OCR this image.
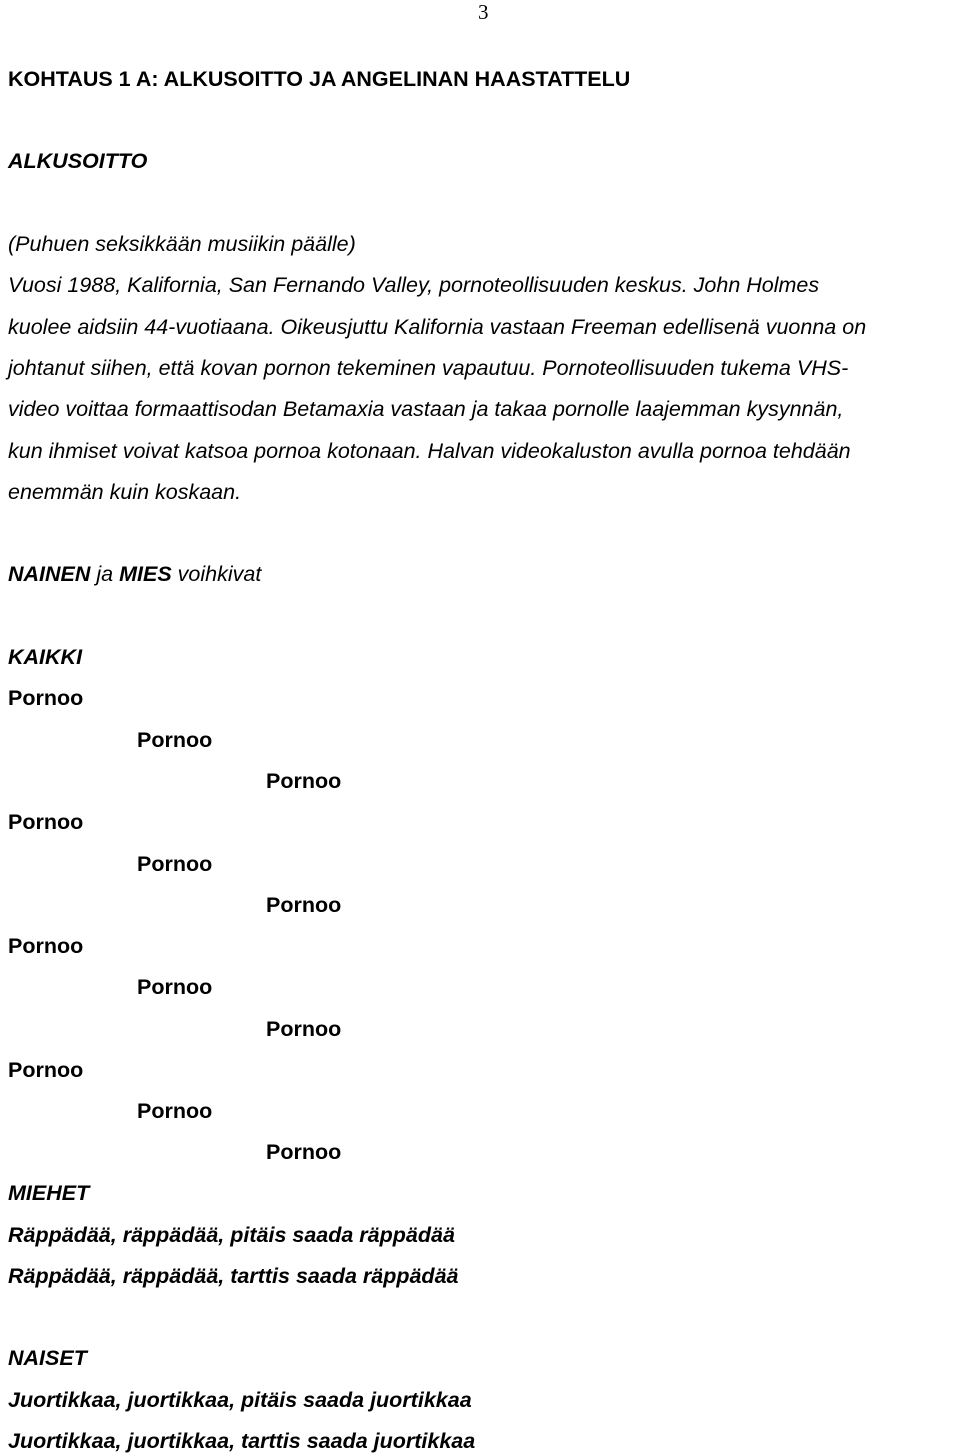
3
KOHTAUS 1 A: ALKUSOITTO JA ANGELINAN HAASTATTELU
ALKUSOITTO
(Puhuen seksikkään musiikin päälle)
Vuosi 1988, Kalifornia, San Fernando Valley, pornoteollisuuden keskus. John Holmes
kuolee aidsiin 44-vuotiaana. Oikeusjuttu Kalifornia vastaan Freeman edellisenä vuonna on
johtanut siihen, että kovan pornon tekeminen vapautuu. Pornoteollisuuden tukema VHS-
video voittaa formaattisodan Betamaxia vastaan ja takaa pornolle laajemman kysynnän,
kun ihmiset voivat katsoa pornoa kotonaan. Halvan videokaluston avulla pornoa tehdään
enemmän kuin koskaan.
NAINEN ja MIES voihkivat
KAIKKI
Pornoo
Pornoo
Pornoo
Pornoo
Pornoo
Pornoo
Pornoo
Pornoo
Pornoo
Pornoo
Pornoo
Pornoo
MIEHET
Räppädää, räppädää, pitäis saada räppädää
Räppädää, räppädää, tarttis saada räppädää
NAISET
Juortikkaa, juortikkaa, pitäis saada juortikkaa
Juortikkaa, juortikkaa, tarttis saada juortikkaa
